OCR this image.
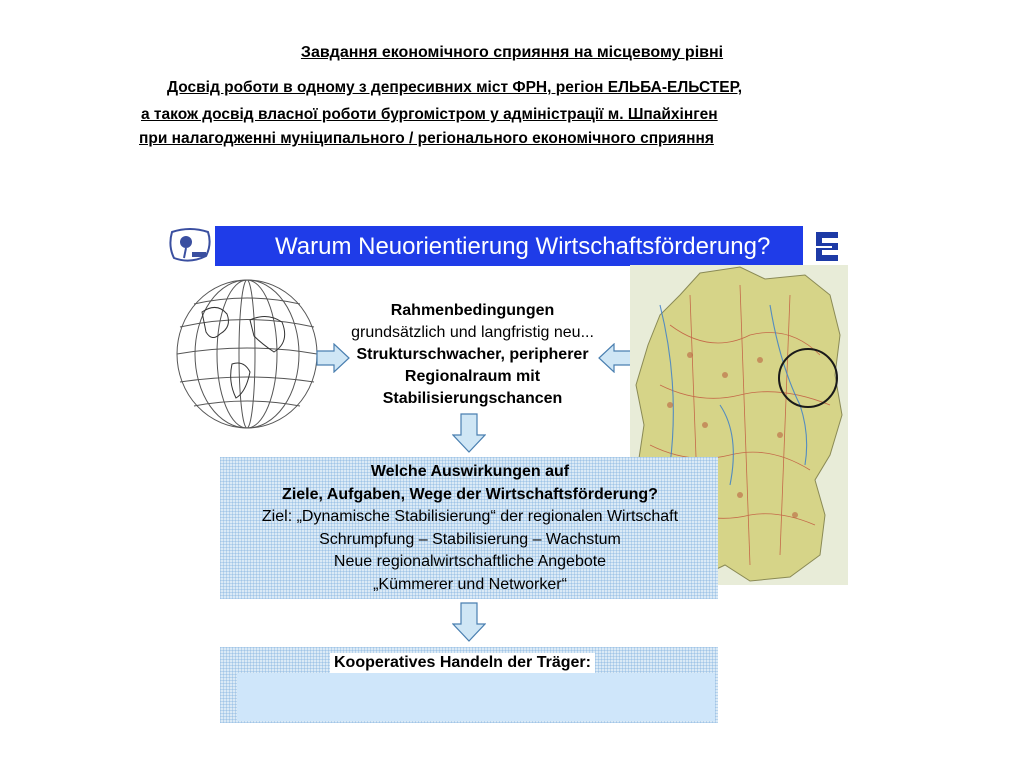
Завдання економічного сприяння на місцевому рівні
Досвід роботи в одному з депресивних міст ФРН, регіон ЕЛЬБА-ЕЛЬСТЕР,
а також досвід власної роботи бургомістром у адміністрації м. Шпайхінген
при налагодженні муніципального / регіонального економічного сприяння
Warum Neuorientierung Wirtschaftsförderung?
Rahmenbedingungen
grundsätzlich und langfristig neu...
Strukturschwacher, peripherer
Regionalraum mit
Stabilisierungschancen
Welche Auswirkungen auf
Ziele, Aufgaben, Wege der Wirtschaftsförderung?
Ziel: „Dynamische Stabilisierung“ der regionalen Wirtschaft
Schrumpfung – Stabilisierung – Wachstum
Neue regionalwirtschaftliche Angebote
„Kümmerer und Networker“
Kooperatives Handeln der Träger:
